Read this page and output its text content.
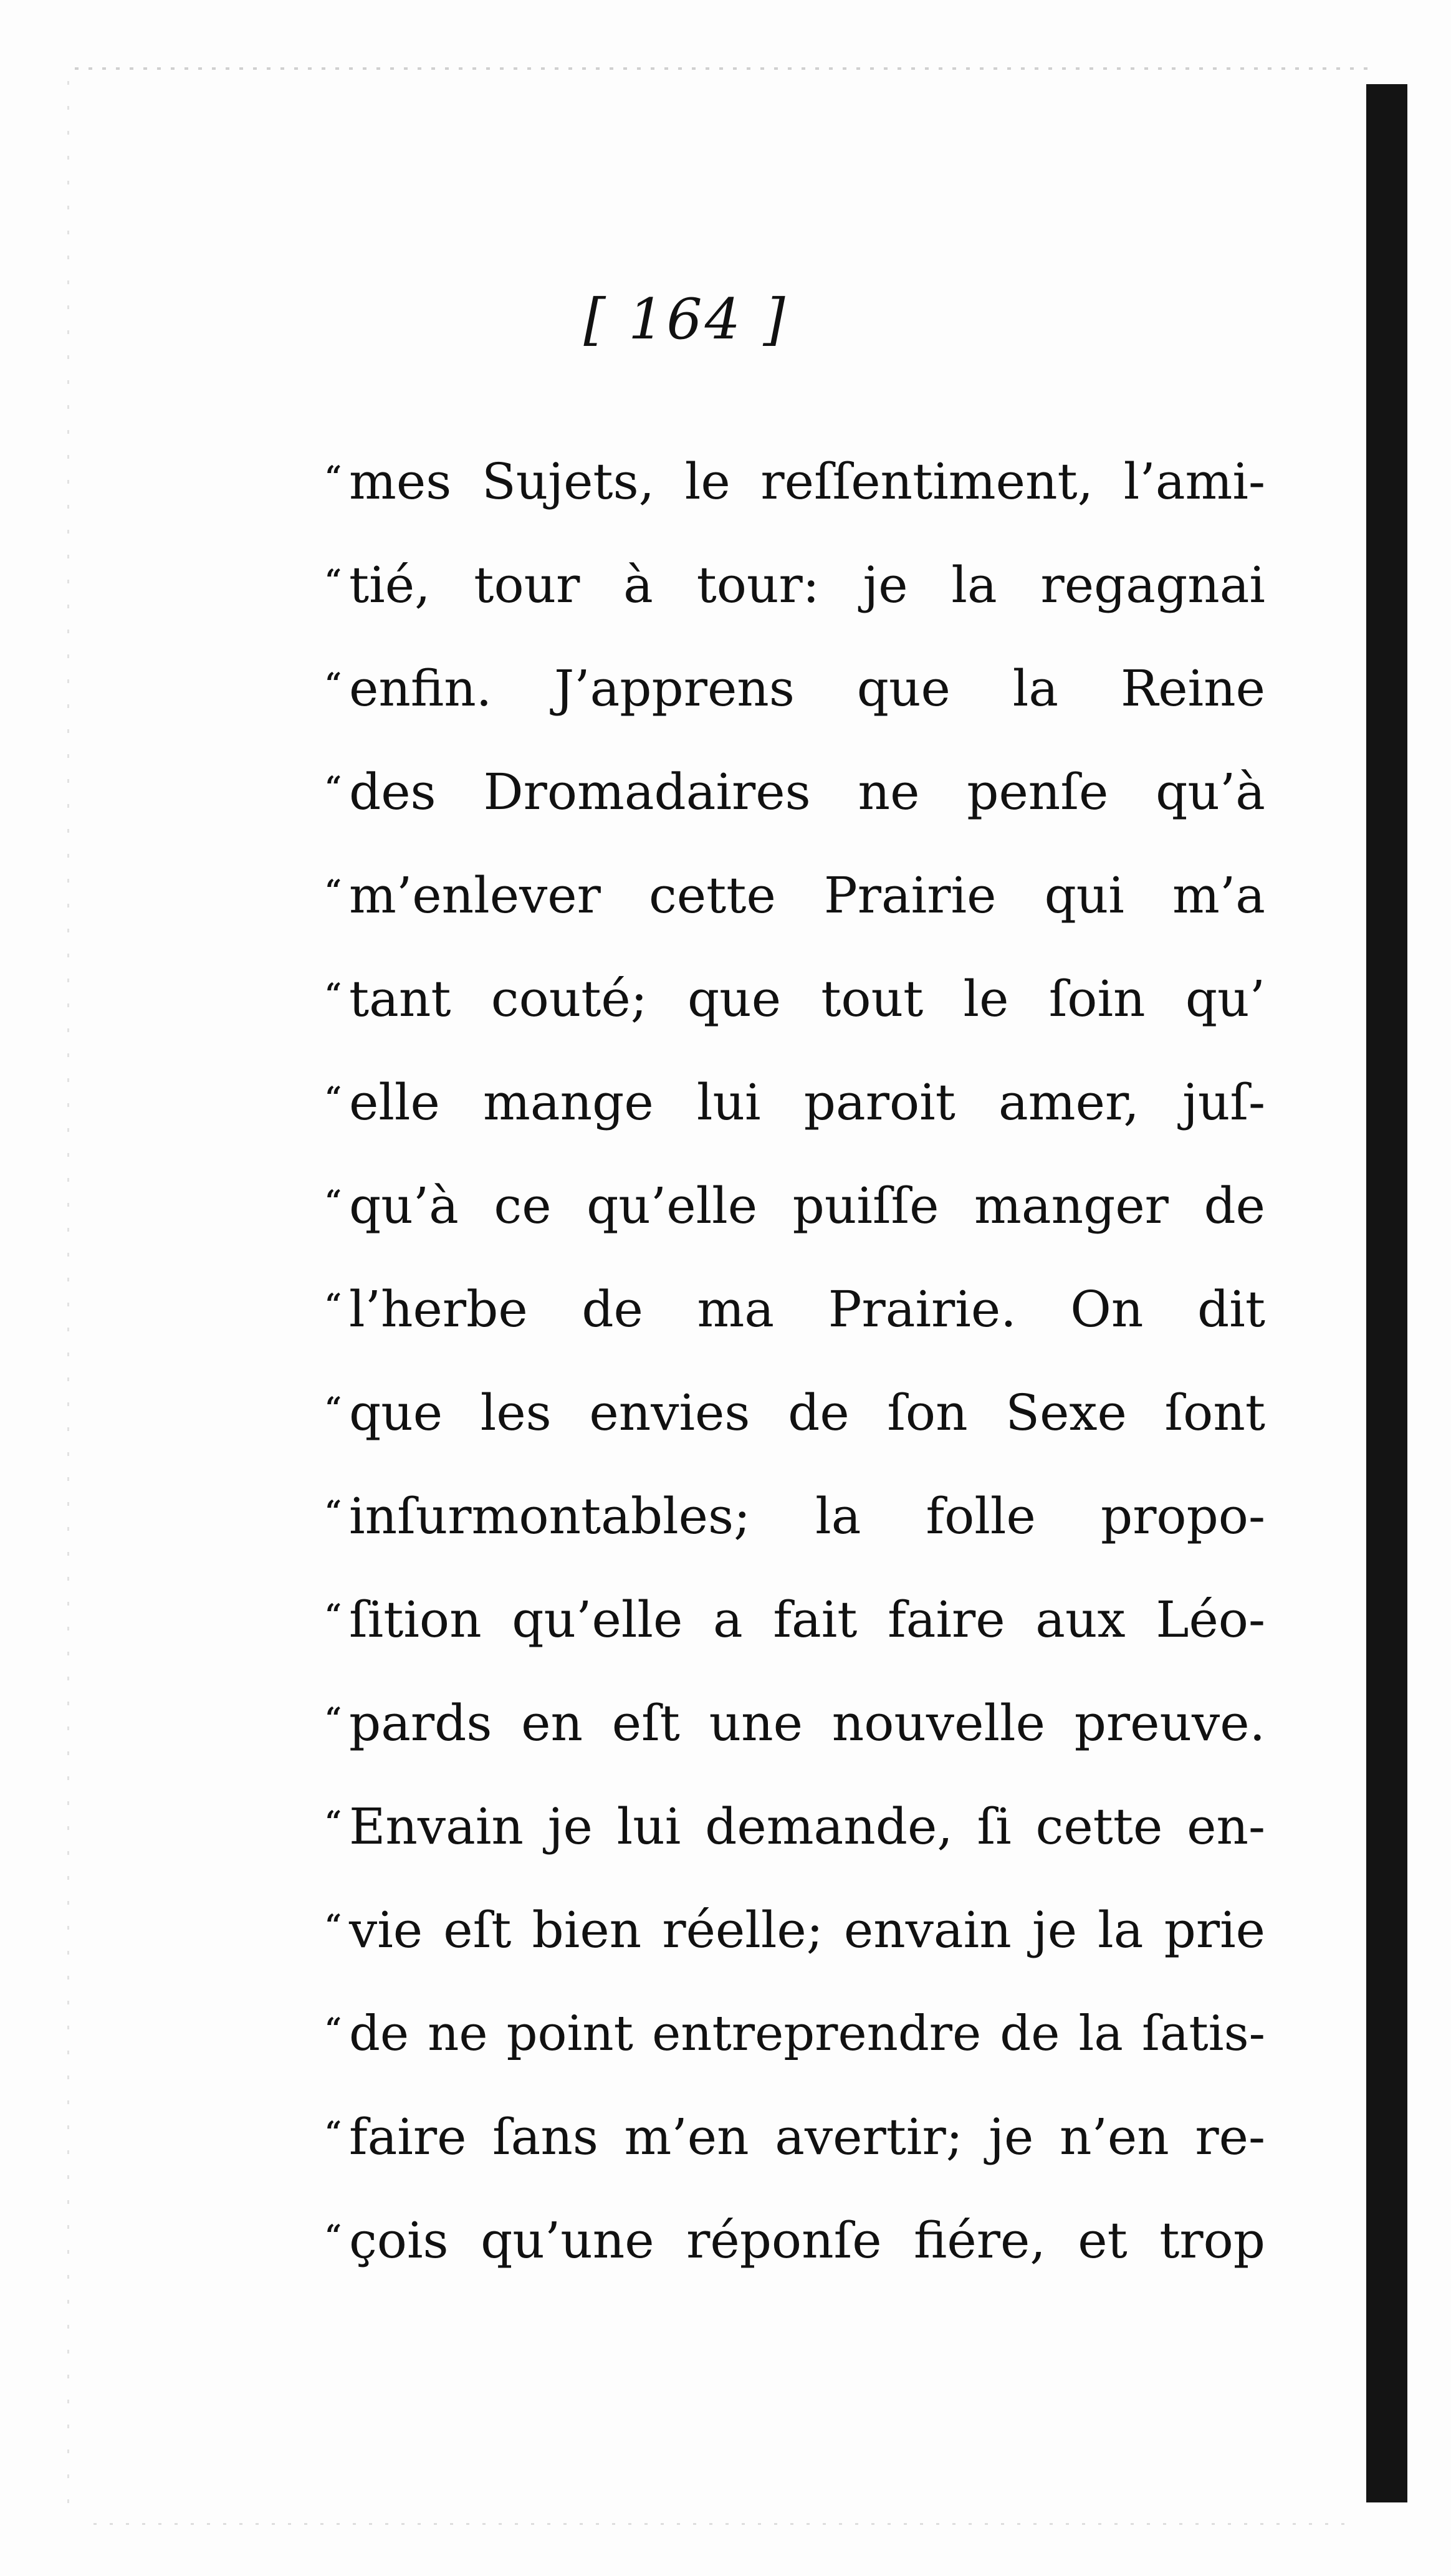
[ 164 ]
“ mes Sujets, le reſſentiment, l’ami-
“ tié, tour à tour: je la regagnai
“ enfin. J’apprens que la Reine
“ des Dromadaires ne penſe qu’à
“ m’enlever cette Prairie qui m’a
“ tant couté; que tout le ſoin qu’
“ elle mange lui paroit amer, juſ-
“ qu’à ce qu’elle puiſſe manger de
“ l’herbe de ma Prairie. On dit
“ que les envies de ſon Sexe ſont
“ inſurmontables; la folle propo-
“ ſition qu’elle a fait faire aux Léo-
“ pards en eſt une nouvelle preuve.
“ Envain je lui demande, ſi cette en-
“ vie eſt bien réelle; envain je la prie
“ de ne point entreprendre de la ſatis-
“ faire ſans m’en avertir; je n’en re-
“ çois qu’une réponſe fiére, et trop
